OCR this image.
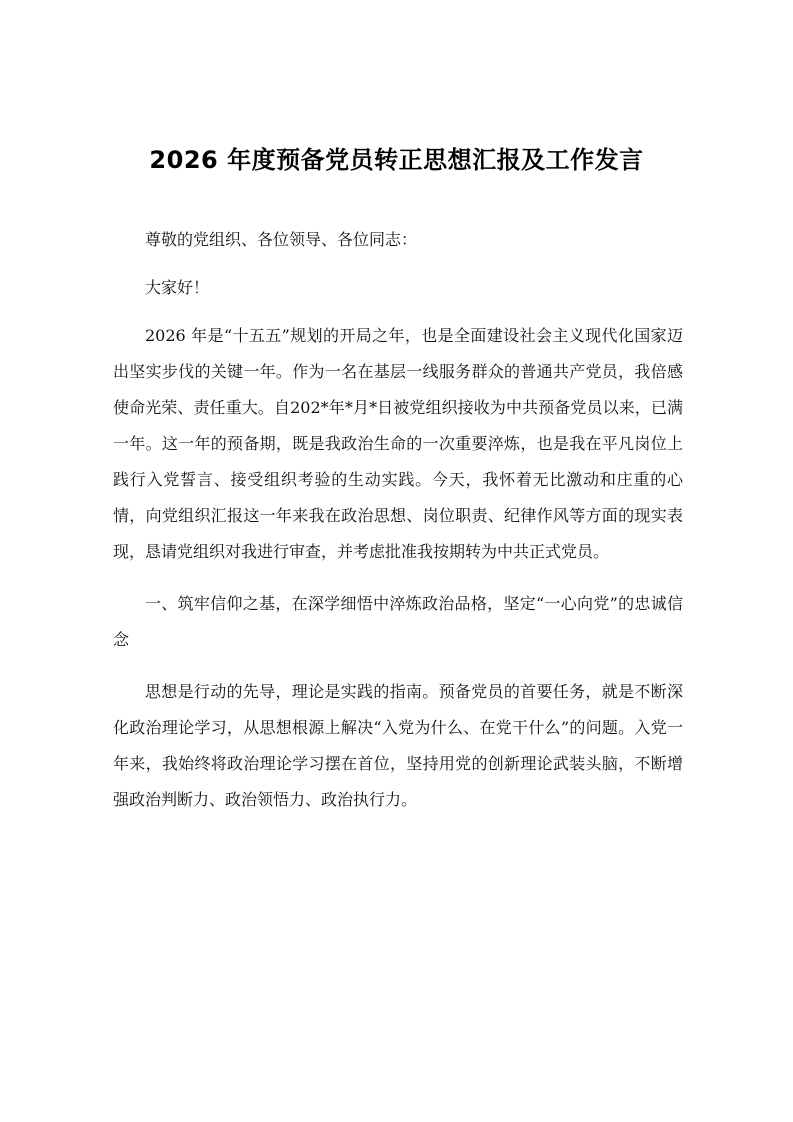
2026 年度预备党员转正思想汇报及工作发言

尊敬的党组织、各位领导、各位同志：

大家好！

2026 年是“十五五”规划的开局之年，也是全面建设社会主义现代化国家迈出坚实步伐的关键一年。作为一名在基层一线服务群众的普通共产党员，我倍感使命光荣、责任重大。自202*年*月*日被党组织接收为中共预备党员以来，已满一年。这一年的预备期，既是我政治生命的一次重要淬炼，也是我在平凡岗位上践行入党誓言、接受组织考验的生动实践。今天，我怀着无比激动和庄重的心情，向党组织汇报这一年来我在政治思想、岗位职责、纪律作风等方面的现实表现，恳请党组织对我进行审查，并考虑批准我按期转为中共正式党员。

一、筑牢信仰之基，在深学细悟中淬炼政治品格，坚定“一心向党”的忠诚信念

思想是行动的先导，理论是实践的指南。预备党员的首要任务，就是不断深化政治理论学习，从思想根源上解决“入党为什么、在党干什么”的问题。入党一年来，我始终将政治理论学习摆在首位，坚持用党的创新理论武装头脑，不断增强政治判断力、政治领悟力、政治执行力。
